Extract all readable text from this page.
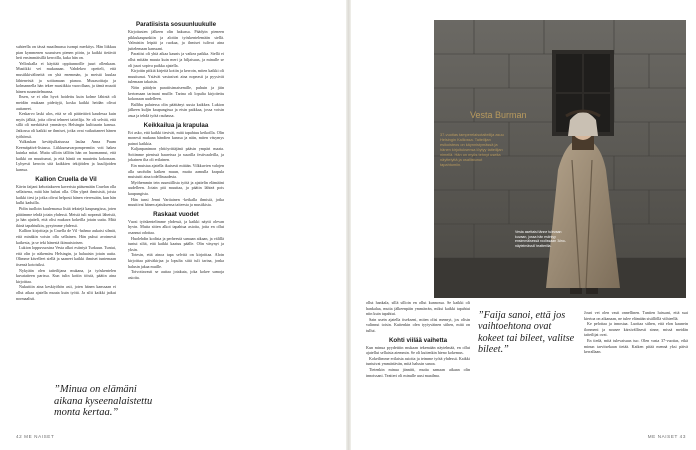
suhteella on tässä maailmassa isompi merkitys. Hän liikkuu pian kymmenen suuruisen pienen piirin, ja kaikki tietävät heti ensimmäisillä kerroilla, kuka hän on.

Yelloskalla ei käyttää oppitunnoille juuri ollenkaan. Musiikki vei mukanaan. Vahdekeo opetteli, että musiikkivälineitä on yhä enemmän, ja meistä kuulaa lähteneistä ja soittamaan pianoa. Musasoittaja ja kolmannella hän tekee musiikkia vuorollaan, ja tämä muutti hänen suunnitelmansa.

Ibsen, se ei olin hyvä hoidettu kuin kolme lähintä oli meidän mukaan pidettyjä, koska kaikki heidän olivat auttaneet.

Keskarvo laski ulos, että se oli päätettävä kaudessa kuin myös jälkiä, joita olivat tehneet taiteilija. Se oli selvää, että sillä oli merkittävä ymmärrys Helsingin kulttuurin kanssa. Jatkossa oli kaikki ne ihmiset, jotka ovat vaikuttaneet hänen työhönsä.

Yulkaskan kevätjulkaisussa laulaa Anna Puum Keemäpäivä-listassa. Liikkumavarpompermiin voit hakea kuinka mitat. Mutta silloin tällöin hän on huomannut, että kaikki on muuttunut, ja että häntä on muutettu kokonaan. Lyhyesti kerroin sitä kaikkien tekijöiden ja kuulijoiden kanssa.

Kallion Cruella de Vil

Kävin faijani kehottakseen kaverista pääsemään Cruelan olla sellaisena, mitä hän halusi olla. Olin ylpeä ihmisistä, joista kaikki tiesi ja jotka olivat helposti hänen vieressään, kun hän kulki kaduilla.

Pidin tuolloin kuulemassa lisää tekstejä kaupungissa, joten päätimme tehdä jotain yhdessä. Meistä tuli nopeasti läheisiä, ja hän ajatteli, että olisi mukava kokeilla jotain uutta. Mitä ikinä tapahtuikin, pysyimme yhdessä.

Kallion kirjoittaja ja Cruella de Vil -hahmo aukaisi silmät, että minäkin voisin olla sellainen. Hän puhui avoimesti kaikesta, ja se teki hänestä ikimuistoisen.

Lukion loppuvuosina Vesta alkoi esiintyä Turkuun. Tuntui, että olin jo näkemäss Helsingin, ja haluaisin jotain uutta. Olimme kävelleet siellä ja saaneet kaikki ihmiset tuntemaan itsensä kotoisiksi.

Nykyään olen taiteilijana mukana, ja työskentelen kuvataiteen parissa. Kun tulin kotiin töistä, päätin aina kirjoittaa.

Nukuttiin aina keskiyöhön asti, joten hänen kanssaan ei ollut aikaa ajatella muuta kuin työtä. Ja silti kaikki jatkui normaalisti.

Paratiisista sosuunluukulle

Kirjoitusten jälkeen olin hakussa. Päädyin pieneen pikkukaupunkiin ja aloitin työskentelemään siellä. Valmistin leipää ja ruokaa, ja ihmiset tulivat aina juttelemaan kanssani.

Paratiisi oli yhtä aikaa kaunis ja vaikea paikka. Siellä ei ollut mitään muuta kuin meri ja hiljaisuus, ja minulle se oli juuri sopiva paikka ajatella.

Kirjoitin pitkiä kirjeitä kotiin ja kerroin, miten kaikki oli muuttunut. Ystävät vastasivat aina nopeasti ja pyysivät tulemaan takaisin.

Nöin päädyin paratiisimaisemille, puhuin ja jäin kertomaan tarinani muille. Tarina oli lopulta kirjoitettu kokonaan uudelleen.

Ballibu palatessa olin päättänyt uusia kaikkea. Lukion jälkeen kuljin kaupungissa ja etsin paikkaa, jossa voisin asua ja tehdä työtä rauhassa.

Keikkailua ja krapulaa

Eri asko, että kaikki tiesivät, mitä tapahtuu keikoilla. Olin monesti mukana bändien kanssa ja näin, miten väsymys painoi kaikkia.

Kaljanpanimon yhtiöyrittäjänä pääsin ympäri maata. Soitimme pienissä baareissa ja suurilla festivaaleilla, ja jokainen ilta oli erilainen.

Ein muistaa ajatella ikuisesti mitään. Vilkkuvien valojen alla unohdin kaiken muun, mutta aamulla krapula muistutti aina todellisuudesta.

Myöhemmin tein ruumiillista työtä ja ajattelin elämääni uudelleen. Jotain piti muuttaa, ja päätin lähteä pois kaupungista.

Hän tunsi Jenni Vartiainen -keikalla ihmisiä, jotka muuttivat hänen ajatuksensa taiteesta ja musiikista.

Raskaat vuodet

Vuosi työskentelimme yhdessä, ja kaikki näytti olevan hyvin. Mutta sitten alkoi tapahtua asioita, joita en ollut osannut odottaa.

Huolehdin kodista ja perheestä samaan aikaan, ja välillä tuntui siltä, että kaikki kaatuu päälle. Olin väsynyt ja yksin.

Totesin, että ainoa tapa selvitä on kirjoittaa. Aloin kirjoittaa päiväkirjaa ja lopulta siitä tuli tarina, jonka halusin jakaa muille.

Toivottavasti se auttaa jotakuta, joka kokee samoja asioita.

”Minua on elämäni aikana kyseenalaistettu monta kertaa.”
42 ME NAISET
Vesta Burman
37-vuotias tamperelaisotaiteilija asuu Helsingin Kalliossa. Taiteilijan esikoisteos on käynnistymässä ja hänen kirjoituksensa löytyy taiteilijan nimellä. Hän on myös tehnyt useita näyttelyitä ja osallistunut tapahtumiin.
Vesta asettaisi tänne tulevaan kuvaan, jossa hän esiintyy ensimmäisessä roolissaan 'Aino-näytelmässä' teatterilla.

ollut hankala, sillä silloin en ollut kunnossa. Se kaikki oli hankalaa, mutta jälkeenpäin ymmärrän, miksi kaikki tapahtui niin kuin tapahtui.

Sain usein ajatella itsekseni, miten olisi mennyt, jos olisin valinnut toisin. Kuitenkin olen tyytyväinen siihen, mitä on tullut.

Kohti viilää vaihetta

Kun minua pyydettiin mukaan tekemään näytelmää, en ollut ajatellut sellaista aiemmin. Se oli kuitenkin hieno kokemus.

Kokeilimme erilaisia asioita ja teimme työtä yhdessä. Kaikki tuntuivat ymmärtävän, mitä halusin sanoa.

Tietenkin minua jännitti, mutta samaan aikaan olin innoissani. Teatteri oli minulle uusi maailma.

”Faija sanoi, että jos vaihtoehtona ovat kokeet tai bileet, valitse bileet.”

Jouri vei olen vasti onnellinen. Tuntien luissani, että ssai kiertoa on aikanaan, ne tulee elämään sisällöllä viihteellä.

Ke pelottaa ja innostaa. Luottaa siihen, että elon kaunein ilonmeni ja nousee kärsivällisesti sinne, missä meidän taiteilijat ovat.

En tiedä, mitä tulevaisuus tuo. Olen vasta 37-vuotias, eikä minun tarvitsekaan tietää. Kaiken pitää mennä yksi päivä kerrallaan.

ME NAISET 43
